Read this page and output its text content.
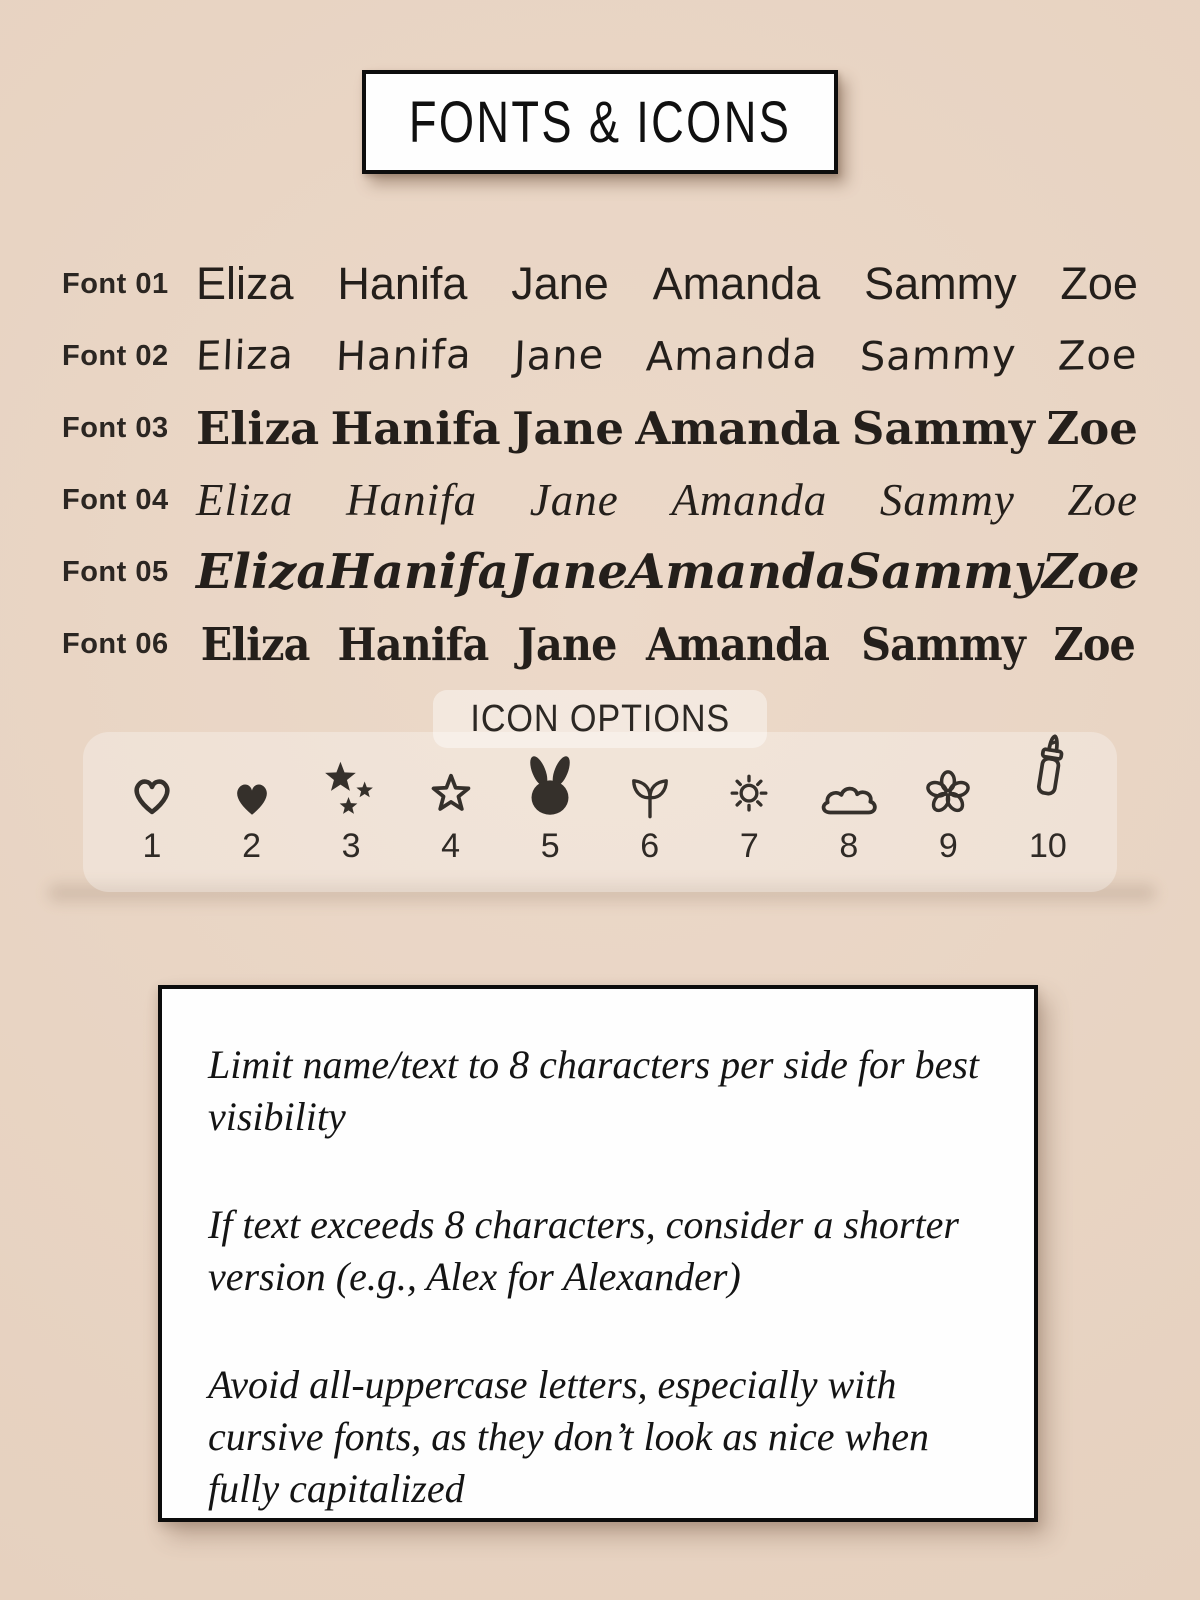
FONTS & ICONS
Font 01 Eliza Hanifa Jane Amanda Sammy Zoe
Font 02 Eliza Hanifa Jane Amanda Sammy Zoe
Font 03 Eliza Hanifa Jane Amanda Sammy Zoe
Font 04 Eliza Hanifa Jane Amanda Sammy Zoe
Font 05 Eliza Hanifa Jane Amanda Sammy Zoe
Font 06 Eliza Hanifa Jane Amanda Sammy Zoe
ICON OPTIONS
1 2 3 4 5 6 7 8 9 10

Limit name/text to 8 characters per side for best visibility

If text exceeds 8 characters, consider a shorter version (e.g., Alex for Alexander)

Avoid all-uppercase letters, especially with cursive fonts, as they don’t look as nice when fully capitalized
